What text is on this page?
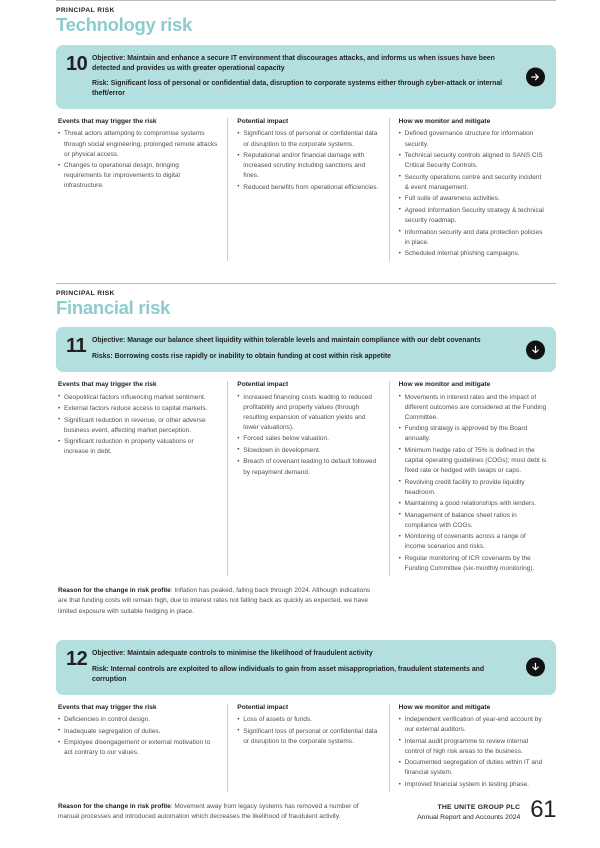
PRINCIPAL RISK
Technology risk
10 Objective: Maintain and enhance a secure IT environment that discourages attacks, and informs us when issues have been detected and provides us with greater operational capacity
Risk: Significant loss of personal or confidential data, disruption to corporate systems either through cyber-attack or internal theft/error
Events that may trigger the risk
• Threat actors attempting to compromise systems through social engineering, prolonged remote attacks or physical access.
• Changes to operational design, bringing requirements for improvements to digital infrastructure.
Potential impact
• Significant loss of personal or confidential data or disruption to the corporate systems.
• Reputational and/or financial damage with increased scrutiny including sanctions and fines.
• Reduced benefits from operational efficiencies.
How we monitor and mitigate
• Defined governance structure for information security.
• Technical security controls aligned to SANS CIS Critical Security Controls.
• Security operations centre and security incident & event management.
• Full suite of awareness activities.
• Agreed Information Security strategy & technical security roadmap.
• Information security and data protection policies in place.
• Scheduled internal phishing campaigns.
PRINCIPAL RISK
Financial risk
11 Objective: Manage our balance sheet liquidity within tolerable levels and maintain compliance with our debt covenants
Risks: Borrowing costs rise rapidly or inability to obtain funding at cost within risk appetite
Events that may trigger the risk
• Geopolitical factors influencing market sentiment.
• External factors reduce access to capital markets.
• Significant reduction in revenue, or other adverse business event, affecting market perception.
• Significant reduction in property valuations or increase in debt.
Potential impact
• Increased financing costs leading to reduced profitability and property values (through resulting expansion of valuation yields and lower valuations).
• Forced sales below valuation.
• Slowdown in development.
• Breach of covenant leading to default followed by repayment demand.
How we monitor and mitigate
• Movements in interest rates and the impact of different outcomes are considered at the Funding Committee.
• Funding strategy is approved by the Board annually.
• Minimum hedge ratio of 75% is defined in the capital operating guidelines (COGs); most debt is fixed rate or hedged with swaps or caps.
• Revolving credit facility to provide liquidity headroom.
• Maintaining a good relationships with lenders.
• Management of balance sheet ratios in compliance with COGs.
• Monitoring of covenants across a range of income scenarios and risks.
• Regular monitoring of ICR covenants by the Funding Committee (six-monthly monitoring).
Reason for the change in risk profile: Inflation has peaked, falling back through 2024. Although indications are that funding costs will remain high, due to interest rates not falling back as quickly as expected, we have limited exposure with suitable hedging in place.
12 Objective: Maintain adequate controls to minimise the likelihood of fraudulent activity
Risk: Internal controls are exploited to allow individuals to gain from asset misappropriation, fraudulent statements and corruption
Events that may trigger the risk
• Deficiencies in control design.
• Inadequate segregation of duties.
• Employee disengagement or external motivation to act contrary to our values.
Potential impact
• Loss of assets or funds.
• Significant loss of personal or confidential data or disruption to the corporate systems.
How we monitor and mitigate
• Independent verification of year-end account by our external auditors.
• Internal audit programme to review internal control of high risk areas to the business.
• Documented segregation of duties within IT and financial system.
• Improved financial system in testing phase.
Reason for the change in risk profile: Movement away from legacy systems has removed a number of manual processes and introduced automation which decreases the likelihood of fraudulent activity.
THE UNITE GROUP PLC
Annual Report and Accounts 2024 61
